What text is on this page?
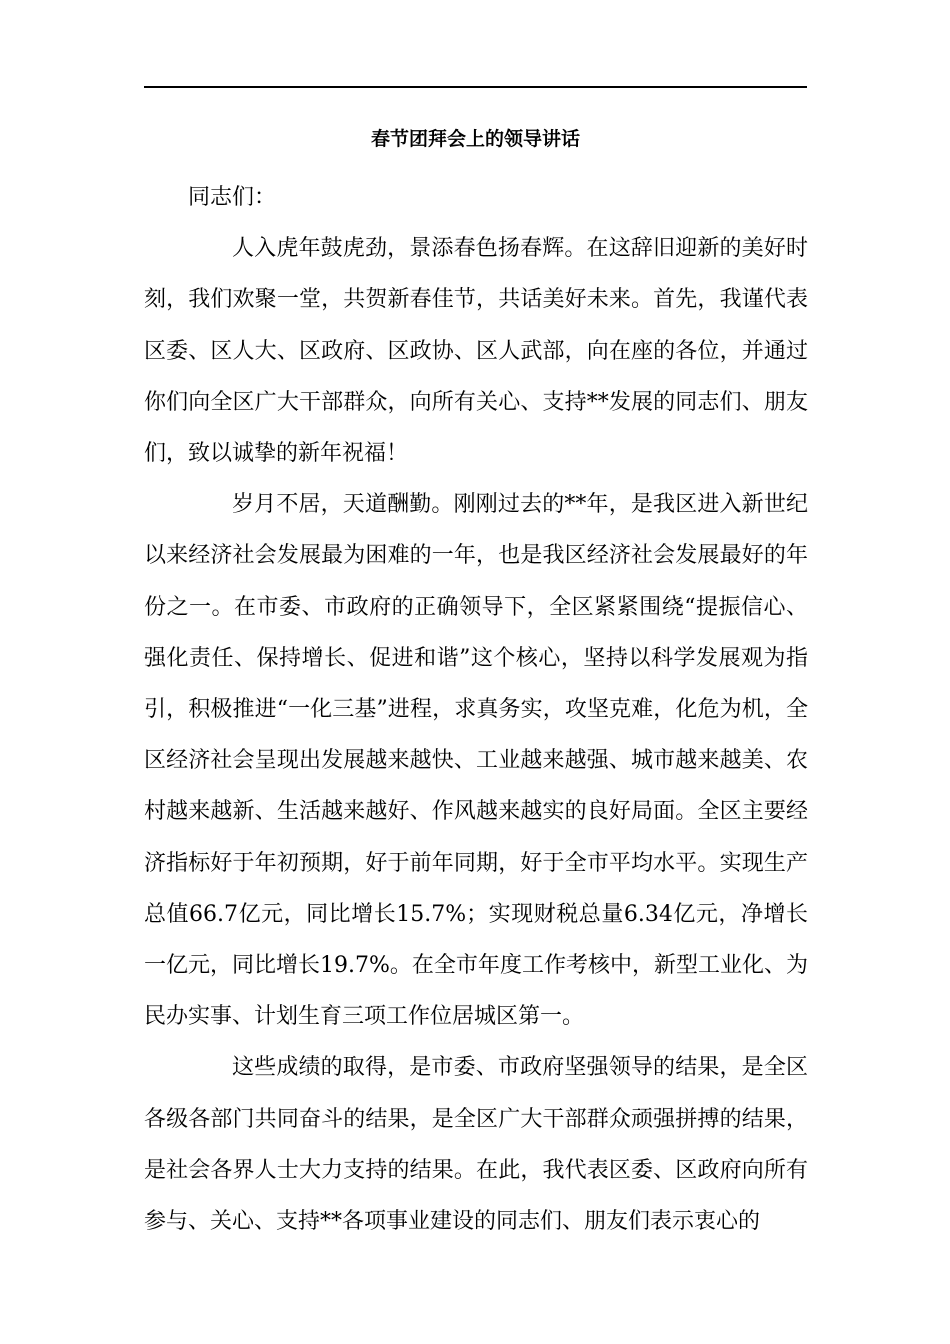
春节团拜会上的领导讲话

同志们：

人入虎年鼓虎劲，景添春色扬春辉。在这辞旧迎新的美好时刻，我们欢聚一堂，共贺新春佳节，共话美好未来。首先，我谨代表区委、区人大、区政府、区政协、区人武部，向在座的各位，并通过你们向全区广大干部群众，向所有关心、支持**发展的同志们、朋友们，致以诚挚的新年祝福！

岁月不居，天道酬勤。刚刚过去的**年，是我区进入新世纪以来经济社会发展最为困难的一年，也是我区经济社会发展最好的年份之一。在市委、市政府的正确领导下，全区紧紧围绕“提振信心、强化责任、保持增长、促进和谐”这个核心，坚持以科学发展观为指引，积极推进“一化三基”进程，求真务实，攻坚克难，化危为机，全区经济社会呈现出发展越来越快、工业越来越强、城市越来越美、农村越来越新、生活越来越好、作风越来越实的良好局面。全区主要经济指标好于年初预期，好于前年同期，好于全市平均水平。实现生产总值66.7亿元，同比增长15.7%；实现财税总量6.34亿元，净增长一亿元，同比增长19.7%。在全市年度工作考核中，新型工业化、为民办实事、计划生育三项工作位居城区第一。

这些成绩的取得，是市委、市政府坚强领导的结果，是全区各级各部门共同奋斗的结果，是全区广大干部群众顽强拼搏的结果，是社会各界人士大力支持的结果。在此，我代表区委、区政府向所有参与、关心、支持**各项事业建设的同志们、朋友们表示衷心的
